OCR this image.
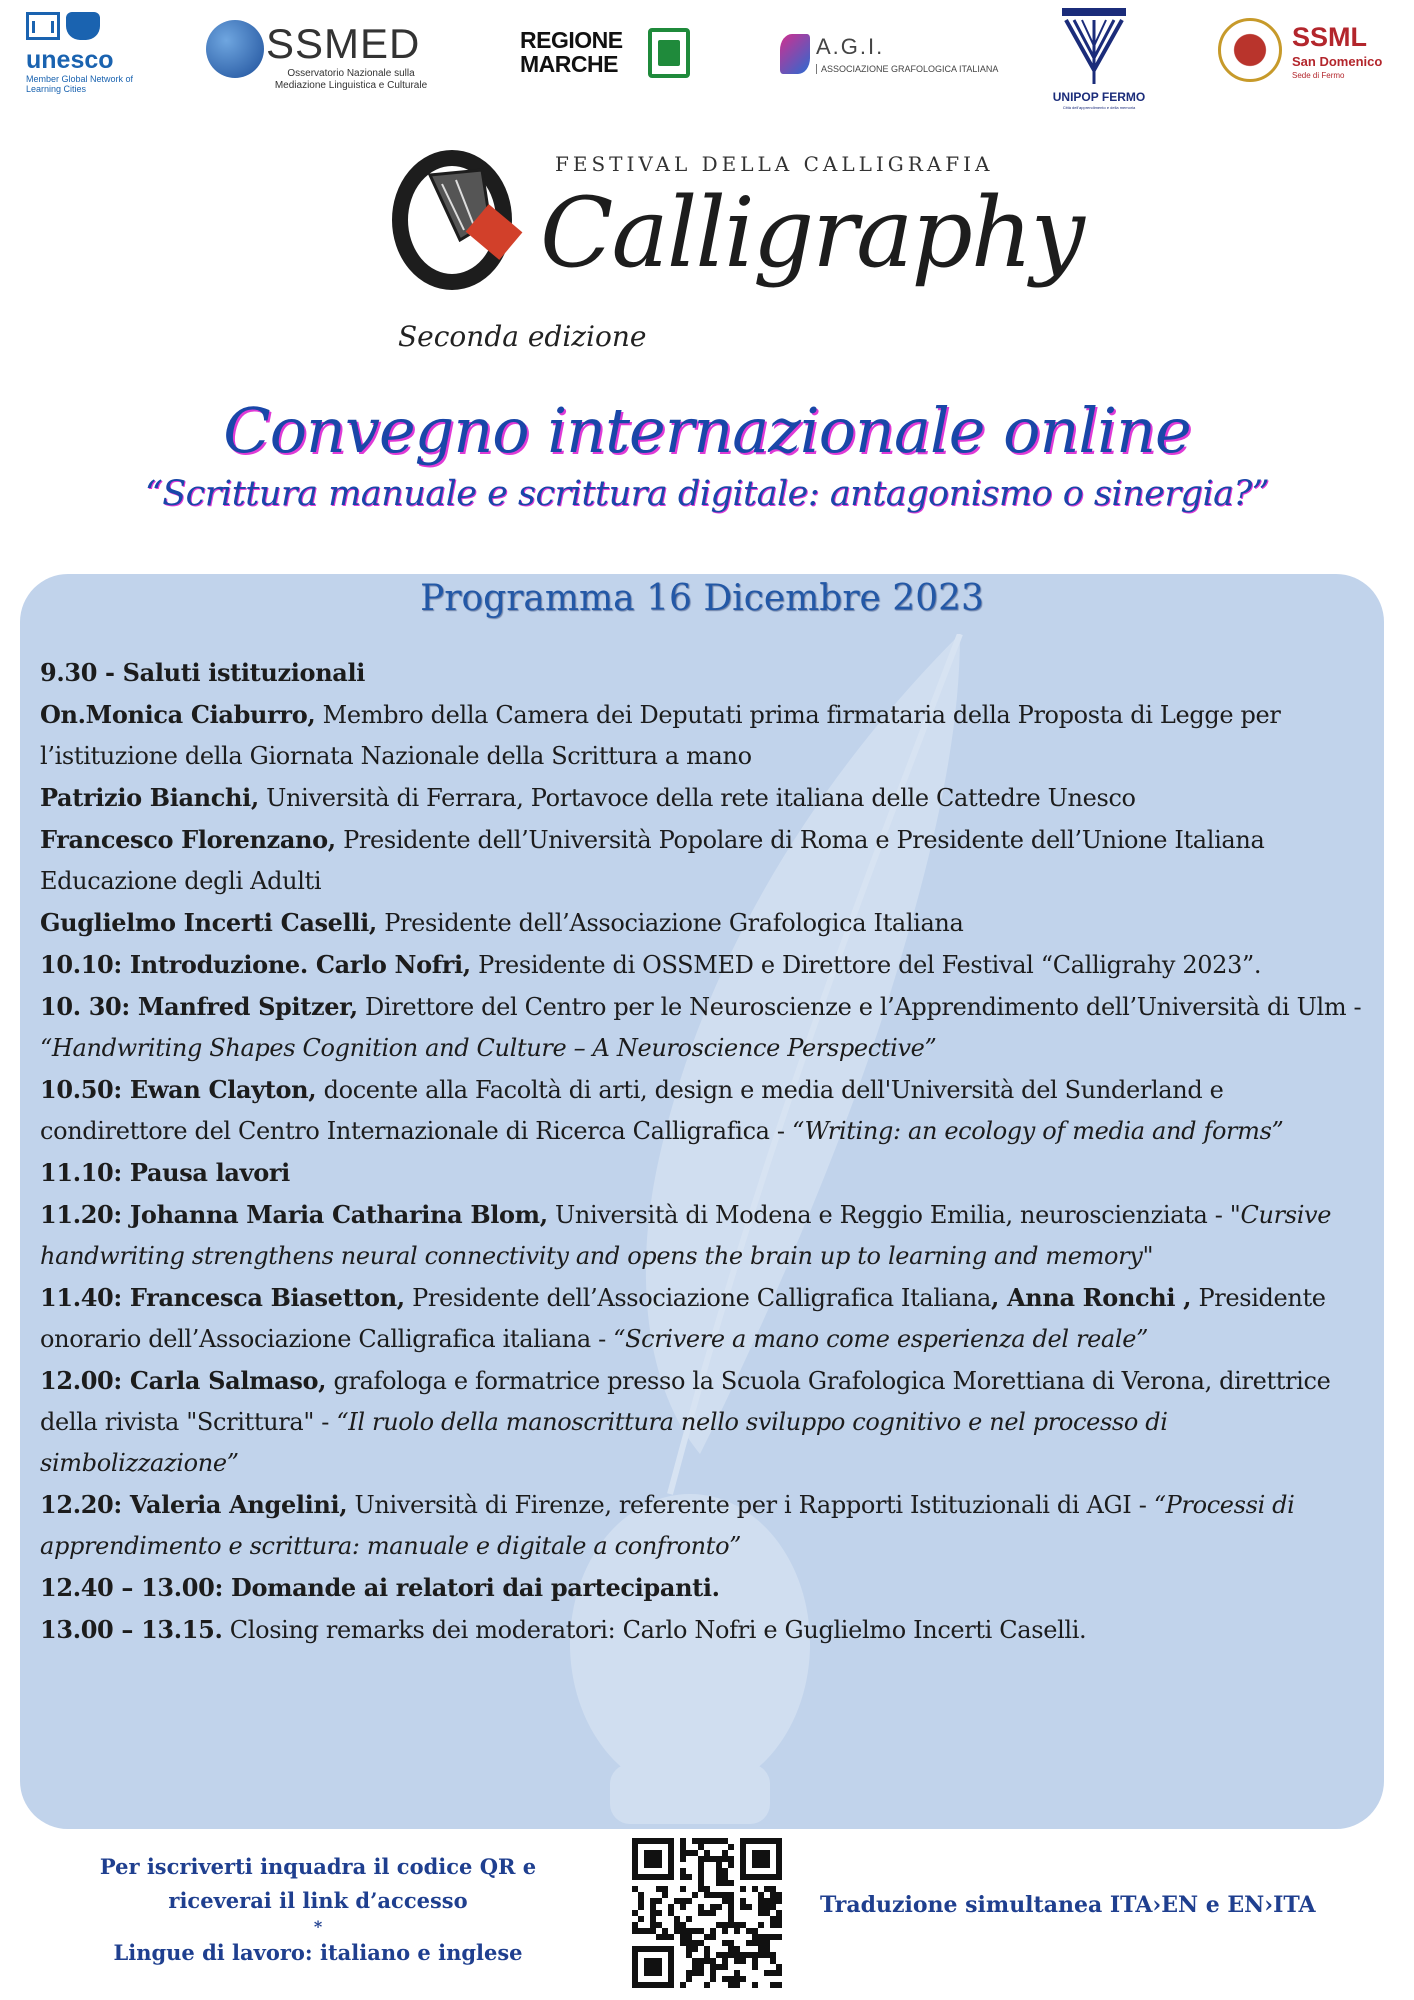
unesco
Member Global Network of Learning Cities
SSMED
Osservatorio Nazionale sulla Mediazione Linguistica e Culturale
REGIONE
MARCHE
A.G.I.
ASSOCIAZIONE GRAFOLOGICA ITALIANA
UNIPOP FERMO
Città dell'apprendimento e della memoria
SSML
San Domenico
Sede di Fermo
FESTIVAL DELLA CALLIGRAFIA
Calligraphy
Seconda edizione
Convegno internazionale online
“Scrittura manuale e scrittura digitale: antagonismo o sinergia?”
Programma 16 Dicembre 2023

9.30 - Saluti istituzionali

On.Monica Ciaburro, Membro della Camera dei Deputati prima firmataria della Proposta di Legge per l’istituzione della Giornata Nazionale della Scrittura a mano

Patrizio Bianchi, Università di Ferrara, Portavoce della rete italiana delle Cattedre Unesco

Francesco Florenzano, Presidente dell’Università Popolare di Roma e Presidente dell’Unione Italiana Educazione degli Adulti

Guglielmo Incerti Caselli, Presidente dell’Associazione Grafologica Italiana

10.10: Introduzione. Carlo Nofri, Presidente di OSSMED e Direttore del Festival “Calligrahy 2023”.

10. 30: Manfred Spitzer, Direttore del Centro per le Neuroscienze e l’Apprendimento dell’Università di Ulm - “Handwriting Shapes Cognition and Culture – A Neuroscience Perspective”

10.50: Ewan Clayton, docente alla Facoltà di arti, design e media dell'Università del Sunderland e condirettore del Centro Internazionale di Ricerca Calligrafica - “Writing: an ecology of media and forms”

11.10: Pausa lavori

11.20: Johanna Maria Catharina Blom, Università di Modena e Reggio Emilia, neuroscienziata - "Cursive handwriting strengthens neural connectivity and opens the brain up to learning and memory"

11.40: Francesca Biasetton, Presidente dell’Associazione Calligrafica Italiana, Anna Ronchi , Presidente onorario dell’Associazione Calligrafica italiana - “Scrivere a mano come esperienza del reale”

12.00: Carla Salmaso, grafologa e formatrice presso la Scuola Grafologica Morettiana di Verona, direttrice della rivista "Scrittura" - “Il ruolo della manoscrittura nello sviluppo cognitivo e nel processo di simbolizzazione”

12.20: Valeria Angelini, Università di Firenze, referente per i Rapporti Istituzionali di AGI - “Processi di apprendimento e scrittura: manuale e digitale a confronto”

12.40 – 13.00: Domande ai relatori dai partecipanti.

13.00 – 13.15. Closing remarks dei moderatori: Carlo Nofri e Guglielmo Incerti Caselli.

Per iscriverti inquadra il codice QR e
riceverai il link d’accesso
*
Lingue di lavoro: italiano e inglese
Traduzione simultanea ITA›EN e EN›ITA
